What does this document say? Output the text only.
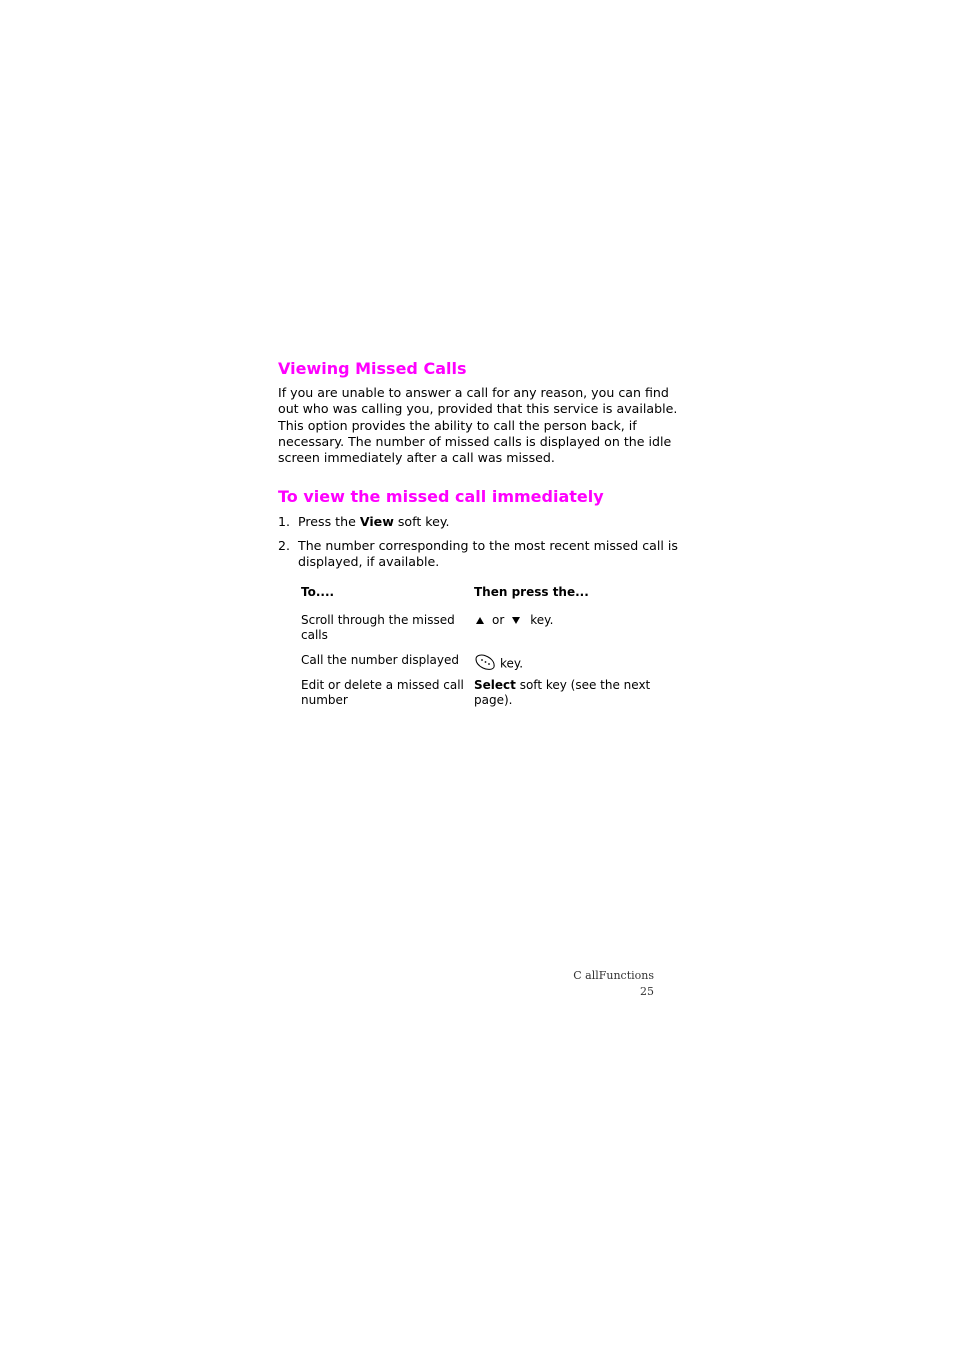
Viewing Missed Calls

If you are unable to answer a call for any reason, you can find

out who was calling you, provided that this service is available.

This option provides the ability to call the person back, if

necessary. The number of missed calls is displayed on the idle

screen immediately after a call was missed.

To view the missed call immediately
1. Press the View soft key.
2. The number corresponding to the most recent missed call is displayed, if available.
To....	Then press the...
Scroll through the missed calls
or key.
Call the number displayed	key.
Edit or delete a missed call number
Select soft key (see the next page).
C allFunctions
25
